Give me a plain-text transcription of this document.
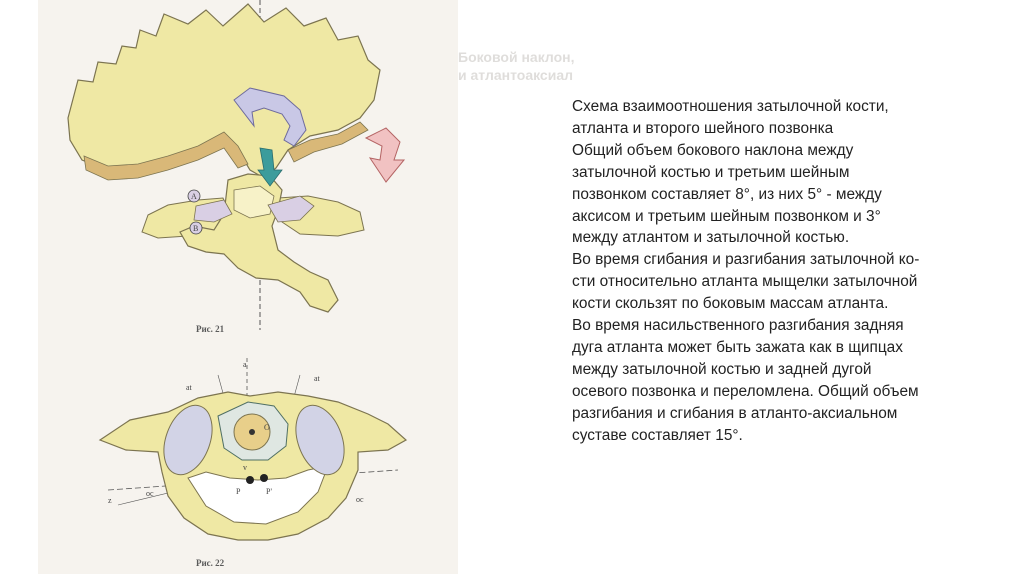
Боковой наклон,
и атлантоаксиал
A
B
a
at
at
O
v
P	P'
z
oc
oc
Рис. 21
Рис. 22

Схема взаимоотношения затылочной кости,

атланта и второго шейного позвонка

Общий объем бокового наклона между

затылочной костью и третьим шейным

позвонком составляет 8°, из них 5° - между

аксисом и третьим шейным позвонком и 3°

между атлантом и затылочной костью.

Во время сгибания и разгибания затылочной ко-

сти относительно атланта мыщелки затылочной

кости скользят по боковым массам атланта.

Во время насильственного разгибания задняя

дуга атланта может быть зажата как в щипцах

между затылочной костью и задней дугой

осевого позвонка и переломлена. Общий объем

разгибания и сгибания в атланто-аксиальном

суставе составляет 15°.
